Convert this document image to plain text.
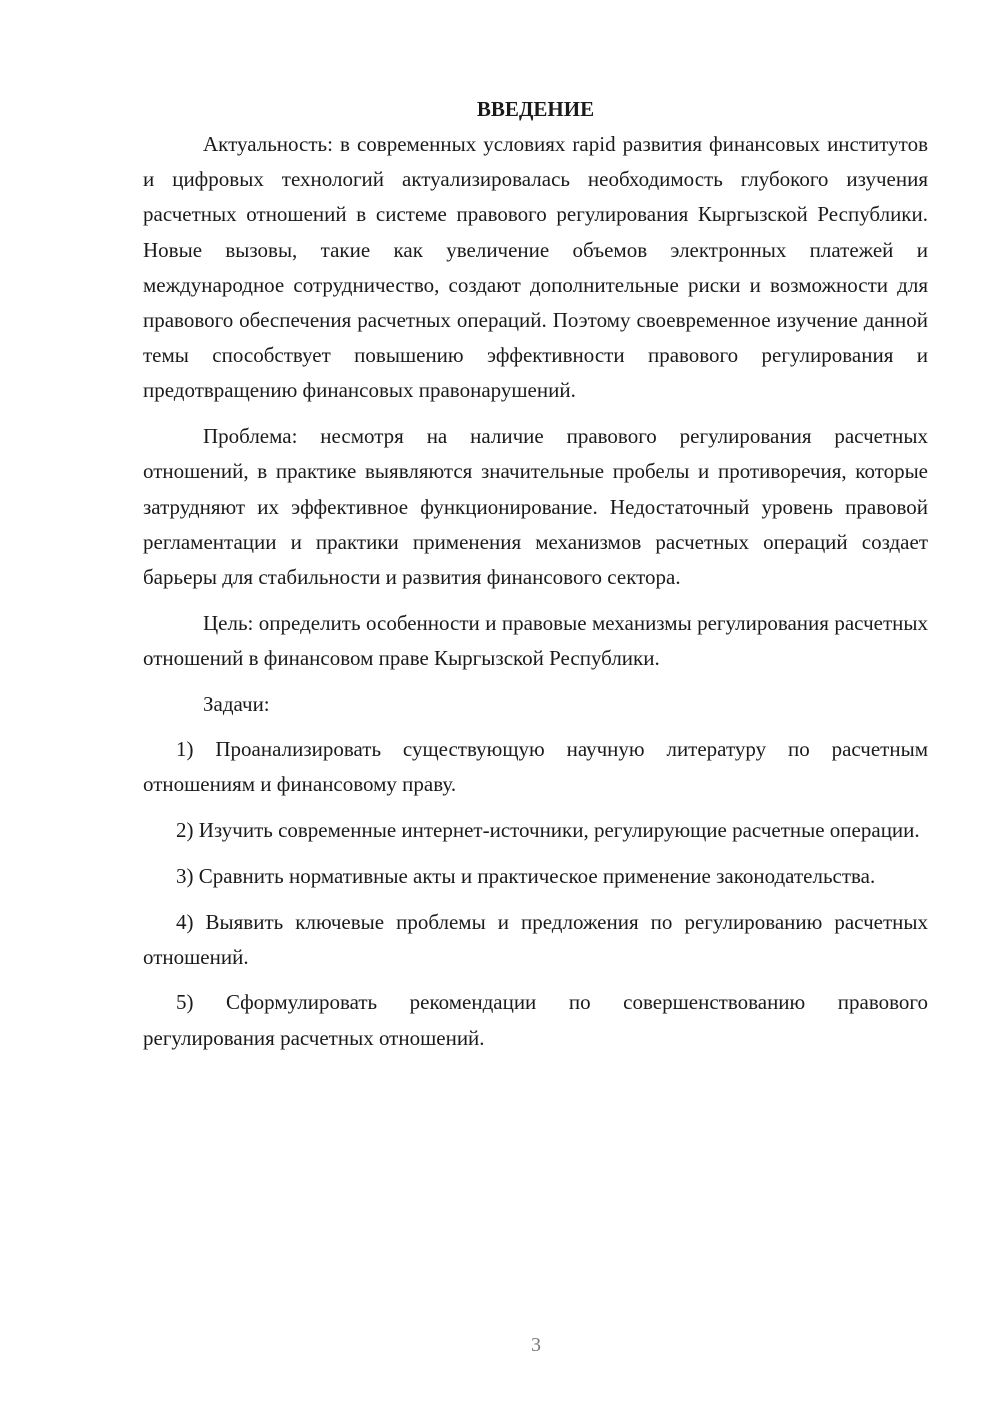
ВВЕДЕНИЕ

Актуальность: в современных условиях rapid развития финансовых институтов и цифровых технологий актуализировалась необходимость глубокого изучения расчетных отношений в системе правового регулирования Кыргызской Республики. Новые вызовы, такие как увеличение объемов электронных платежей и международное сотрудничество, создают дополнительные риски и возможности для правового обеспечения расчетных операций. Поэтому своевременное изучение данной темы способствует повышению эффективности правового регулирования и предотвращению финансовых правонарушений.

Проблема: несмотря на наличие правового регулирования расчетных отношений, в практике выявляются значительные пробелы и противоречия, которые затрудняют их эффективное функционирование. Недостаточный уровень правовой регламентации и практики применения механизмов расчетных операций создает барьеры для стабильности и развития финансового сектора.

Цель: определить особенности и правовые механизмы регулирования расчетных отношений в финансовом праве Кыргызской Республики.

Задачи:

1) Проанализировать существующую научную литературу по расчетным отношениям и финансовому праву.

2) Изучить современные интернет-источники, регулирующие расчетные операции.

3) Сравнить нормативные акты и практическое применение законодательства.

4) Выявить ключевые проблемы и предложения по регулированию расчетных отношений.

5) Сформулировать рекомендации по совершенствованию правового регулирования расчетных отношений.

3
